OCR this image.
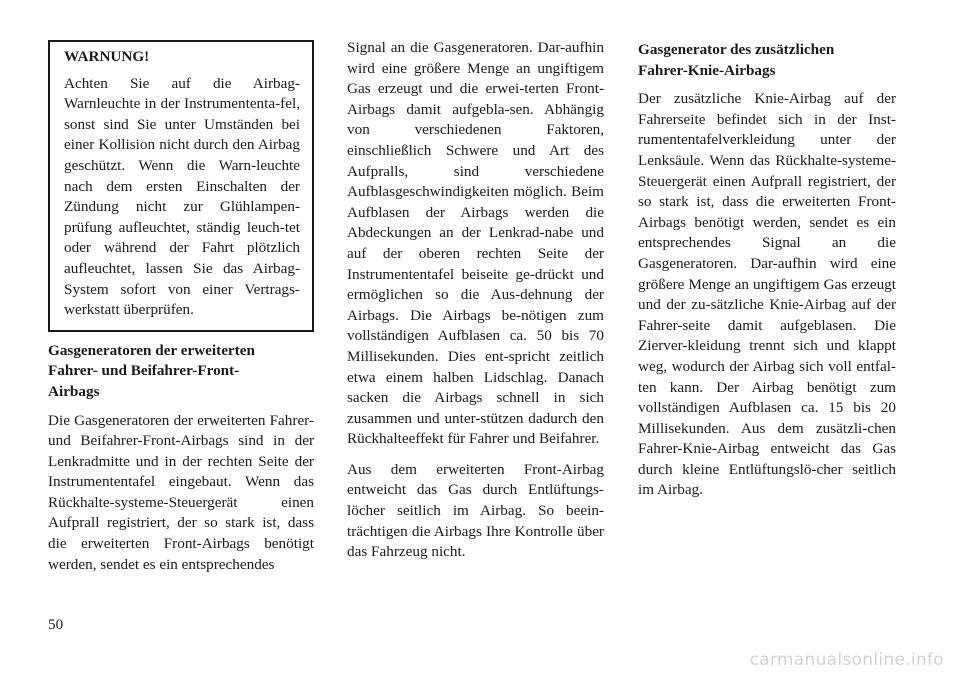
WARNUNG!

Achten Sie auf die Airbag-Warnleuchte in der Instrumententa-fel, sonst sind Sie unter Umständen bei einer Kollision nicht durch den Airbag geschützt. Wenn die Warn-leuchte nach dem ersten Einschalten der Zündung nicht zur Glühlampen-prüfung aufleuchtet, ständig leuch-tet oder während der Fahrt plötzlich aufleuchtet, lassen Sie das Airbag-System sofort von einer Vertrags-werkstatt überprüfen.

Gasgeneratoren der erweiterten
Fahrer- und Beifahrer-Front-
Airbags

Die Gasgeneratoren der erweiterten Fahrer- und Beifahrer-Front-Airbags sind in der Lenkradmitte und in der rechten Seite der Instrumententafel eingebaut. Wenn das Rückhalte-systeme-Steuergerät einen Aufprall registriert, der so stark ist, dass die erweiterten Front-Airbags benötigt werden, sendet es ein entsprechendes

Signal an die Gasgeneratoren. Dar-aufhin wird eine größere Menge an ungiftigem Gas erzeugt und die erwei-terten Front-Airbags damit aufgebla-sen. Abhängig von verschiedenen Faktoren, einschließlich Schwere und Art des Aufpralls, sind verschiedene Aufblasgeschwindigkeiten möglich. Beim Aufblasen der Airbags werden die Abdeckungen an der Lenkrad-nabe und auf der oberen rechten Seite der Instrumententafel beiseite ge-drückt und ermöglichen so die Aus-dehnung der Airbags. Die Airbags be-nötigen zum vollständigen Aufblasen ca. 50 bis 70 Millisekunden. Dies ent-spricht zeitlich etwa einem halben Lidschlag. Danach sacken die Airbags schnell in sich zusammen und unter-stützen dadurch den Rückhalteeffekt für Fahrer und Beifahrer.

Aus dem erweiterten Front-Airbag entweicht das Gas durch Entlüftungs-löcher seitlich im Airbag. So beein-trächtigen die Airbags Ihre Kontrolle über das Fahrzeug nicht.

Gasgenerator des zusätzlichen
Fahrer-Knie-Airbags

Der zusätzliche Knie-Airbag auf der Fahrerseite befindet sich in der Inst-rumententafelverkleidung unter der Lenksäule. Wenn das Rückhalte-systeme-Steuergerät einen Aufprall registriert, der so stark ist, dass die erweiterten Front-Airbags benötigt werden, sendet es ein entsprechendes Signal an die Gasgeneratoren. Dar-aufhin wird eine größere Menge an ungiftigem Gas erzeugt und der zu-sätzliche Knie-Airbag auf der Fahrer-seite damit aufgeblasen. Die Zierver-kleidung trennt sich und klappt weg, wodurch der Airbag sich voll entfal-ten kann. Der Airbag benötigt zum vollständigen Aufblasen ca. 15 bis 20 Millisekunden. Aus dem zusätzli-chen Fahrer-Knie-Airbag entweicht das Gas durch kleine Entlüftungslö-cher seitlich im Airbag.

50
carmanualsonline.info
